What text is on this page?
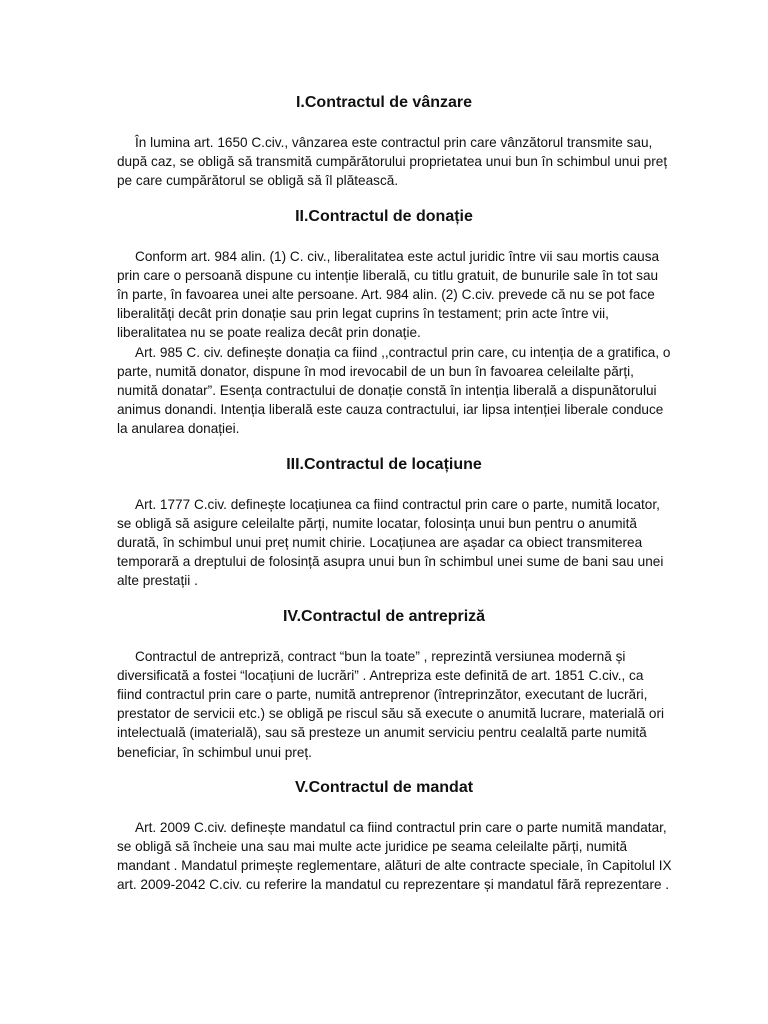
I.Contractul de vânzare

În lumina art. 1650 C.civ., vânzarea este contractul prin care vânzătorul transmite sau, după caz, se obligă să transmită cumpărătorului proprietatea unui bun în schimbul unui preț pe care cumpărătorul se obligă să îl plătească.

II.Contractul de donație

Conform art. 984 alin. (1) C. civ., liberalitatea este actul juridic între vii sau mortis causa prin care o persoană dispune cu intenție liberală, cu titlu gratuit, de bunurile sale în tot sau în parte, în favoarea unei alte persoane. Art. 984 alin. (2) C.civ. prevede că nu se pot face liberalități decât prin donație sau prin legat cuprins în testament; prin acte între vii, liberalitatea nu se poate realiza decât prin donație.

Art. 985 C. civ. definește donația ca fiind ,,contractul prin care, cu intenția de a gratifica, o parte, numită donator, dispune în mod irevocabil de un bun în favoarea celeilalte părți, numită donatar”. Esența contractului de donație constă în intenția liberală a dispunătorului animus donandi. Intenția liberală este cauza contractului, iar lipsa intenției liberale conduce la anularea donației.

III.Contractul de locațiune

Art. 1777 C.civ. definește locațiunea ca fiind contractul prin care o parte, numită locator, se obligă să asigure celeilalte părți, numite locatar, folosința unui bun pentru o anumită durată, în schimbul unui preț numit chirie. Locațiunea are așadar ca obiect transmiterea temporară a dreptului de folosință asupra unui bun în schimbul unei sume de bani sau unei alte prestații .

IV.Contractul de antrepriză

Contractul de antrepriză, contract “bun la toate” , reprezintă versiunea modernă și diversificată a fostei “locațiuni de lucrări” . Antrepriza este definită de art. 1851 C.civ., ca fiind contractul prin care o parte, numită antreprenor (întreprinzător, executant de lucrări, prestator de servicii etc.) se obligă pe riscul său să execute o anumită lucrare, materială ori intelectuală (imaterială), sau să presteze un anumit serviciu pentru cealaltă parte numită beneficiar, în schimbul unui preț.

V.Contractul de mandat

Art. 2009 C.civ. definește mandatul ca fiind contractul prin care o parte numită mandatar, se obligă să încheie una sau mai multe acte juridice pe seama celeilalte părți, numită mandant . Mandatul primește reglementare, alături de alte contracte speciale, în Capitolul IX art. 2009-2042 C.civ. cu referire la mandatul cu reprezentare și mandatul fără reprezentare .
